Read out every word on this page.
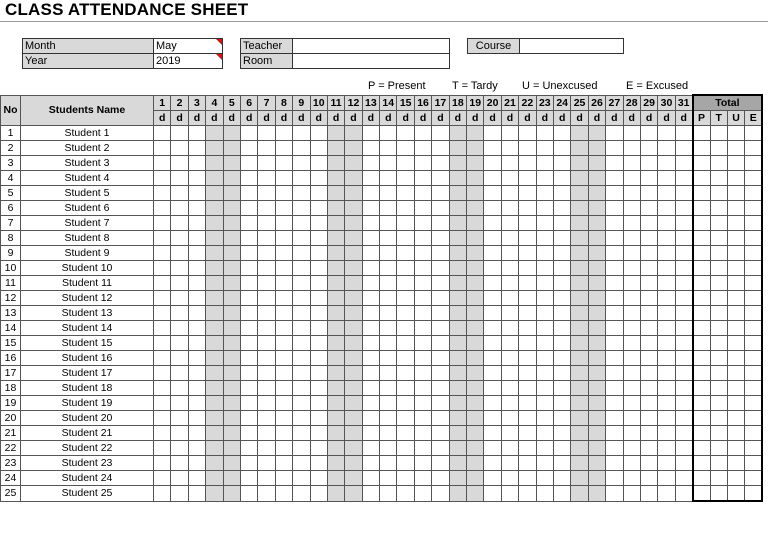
CLASS ATTENDANCE SHEET
Month	May

Year	2019
Teacher	
Room	
Course	
P = Present T = Tardy U = Unexcused	E = Excused
No	Students Name	1	2	3	4	5	6	7	8	9	10	11	12	13	14	15	16	17	18	19	20	21	22	23	24	25	26	27	28	29	30	31	Total			
		d	d	d	d	d	d	d	d	d	d	d	d	d	d	d	d	d	d	d	d	d	d	d	d	d	d	d	d	d	d	d	P	T	U	E
1	Student 1																																			
2	Student 2																																			
3	Student 3																																			
4	Student 4																																			
5	Student 5																																			
6	Student 6																																			
7	Student 7																																			
8	Student 8																																			
9	Student 9																																			
10	Student 10																																			
11	Student 11																																			
12	Student 12																																			
13	Student 13																																			
14	Student 14																																			
15	Student 15																																			
16	Student 16																																			
17	Student 17																																			
18	Student 18																																			
19	Student 19																																			
20	Student 20																																			
21	Student 21																																			
22	Student 22																																			
23	Student 23																																			
24	Student 24																																			
25	Student 25																																			
